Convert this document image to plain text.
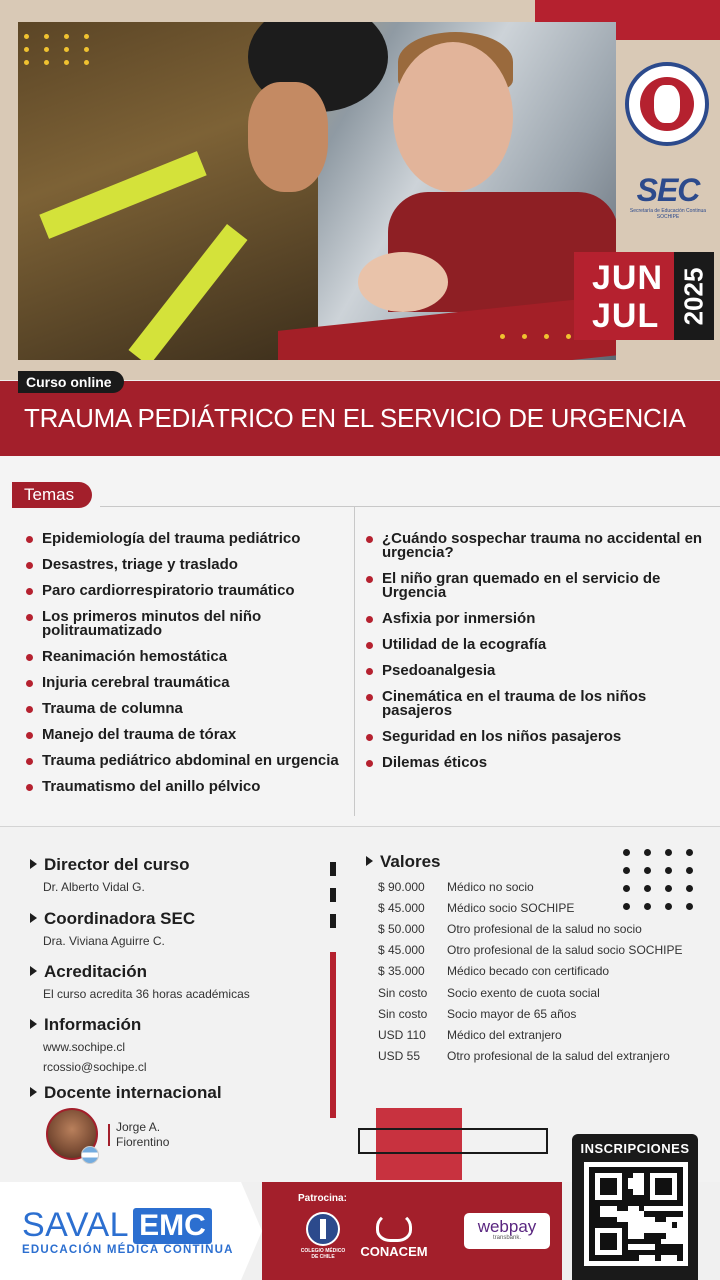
SEC
Secretaría de Educación Continua SOCHIPE
JUN
JUL 2025
TRAUMA PEDIÁTRICO EN EL SERVICIO DE URGENCIA
Curso online
Temas
Epidemiología del trauma pediátrico
Desastres, triage y traslado
Paro cardiorrespiratorio traumático
Los primeros minutos del niño politraumatizado
Reanimación hemostática
Injuria cerebral traumática
Trauma de columna
Manejo del trauma de tórax
Trauma pediátrico abdominal en urgencia
Traumatismo del anillo pélvico
¿Cuándo sospechar trauma no accidental en urgencia?
El niño gran quemado en el servicio de Urgencia
Asfixia por inmersión
Utilidad de la ecografía
Psedoanalgesia
Cinemática en el trauma de los niños pasajeros
Seguridad en los niños pasajeros
Dilemas éticos
Director del curso
Dr. Alberto Vidal G.
Coordinadora SEC
Dra. Viviana Aguirre C.
Acreditación
El curso acredita 36 horas académicas
Información
www.sochipe.cl
rcossio@sochipe.cl
Docente internacional
Jorge A.
Fiorentino
Valores
$ 90.000	Médico no socio
$ 45.000	Médico socio SOCHIPE
$ 50.000	Otro profesional de la salud no socio
$ 45.000	Otro profesional de la salud socio SOCHIPE
$ 35.000	Médico becado con certificado
Sin costo	Socio exento de cuota social
Sin costo	Socio mayor de 65 años
USD 110	Médico del extranjero
USD 55	Otro profesional de la salud del extranjero
SAVAL EMC
EDUCACIÓN MÉDICA CONTINUA
Patrocina:
COLEGIO MÉDICO DE CHILE	CONACEM
webpay
transbank.
INSCRIPCIONES
